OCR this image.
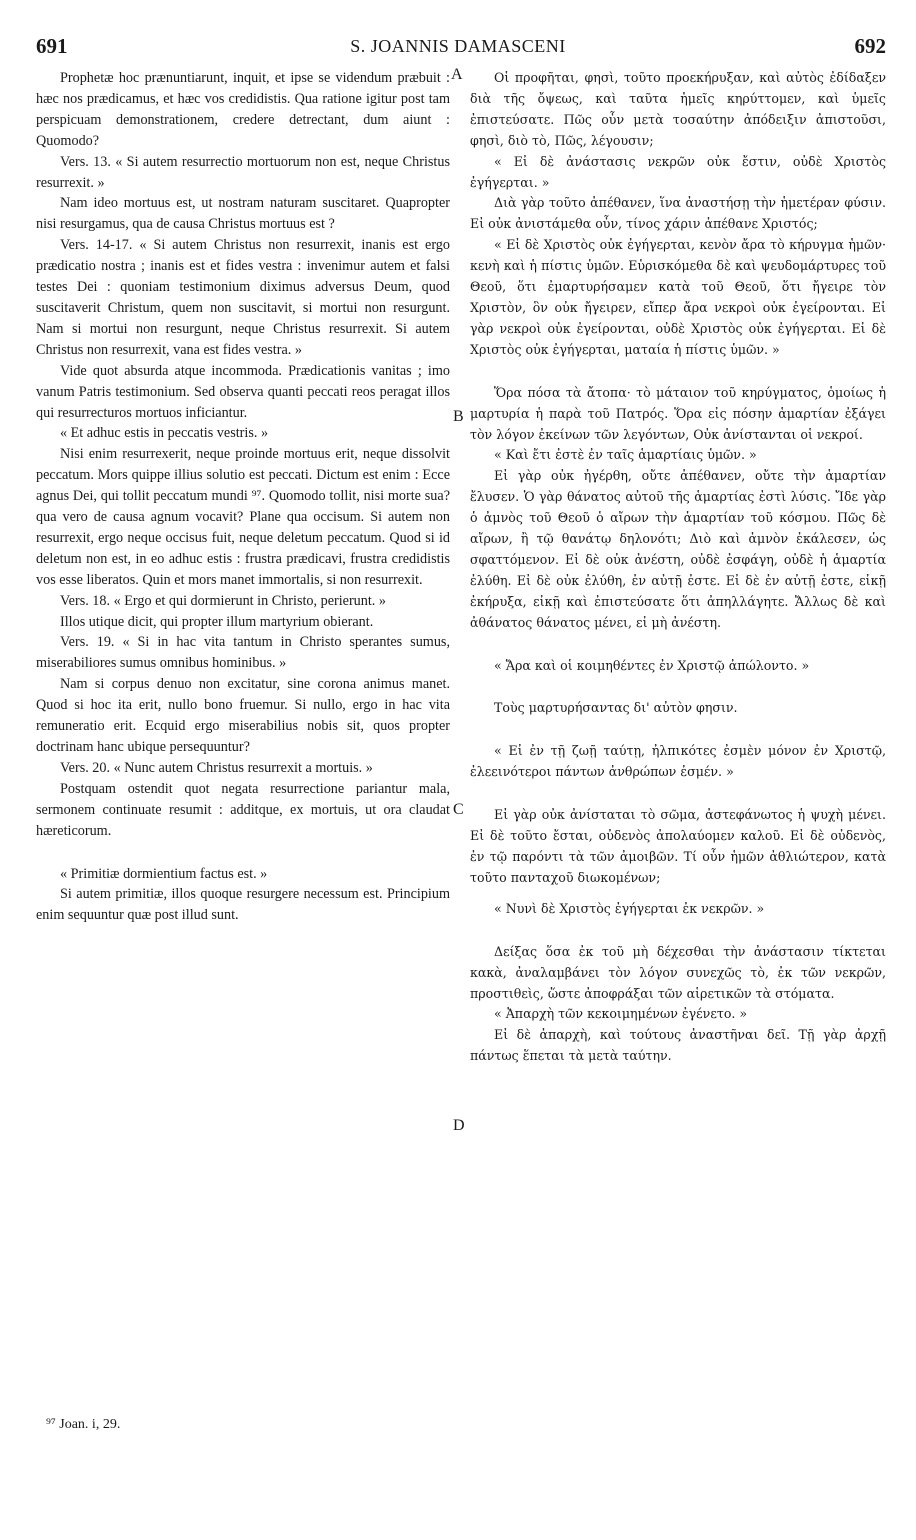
691	S. JOANNIS DAMASCENI	692
A
B
C
D

Prophetæ hoc prænuntiarunt, inquit, et ipse se videndum præbuit : hæc nos prædicamus, et hæc vos credidistis. Qua ratione igitur post tam perspicuam demonstrationem, credere detrectant, dum aiunt : Quomodo?

Vers. 13. « Si autem resurrectio mortuorum non est, neque Christus resurrexit. »

Nam ideo mortuus est, ut nostram naturam suscitaret. Quapropter nisi resurgamus, qua de causa Christus mortuus est ?

Vers. 14-17. « Si autem Christus non resurrexit, inanis est ergo prædicatio nostra ; inanis est et fides vestra : invenimur autem et falsi testes Dei : quoniam testimonium diximus adversus Deum, quod suscitaverit Christum, quem non suscitavit, si mortui non resurgunt. Nam si mortui non resurgunt, neque Christus resurrexit. Si autem Christus non resurrexit, vana est fides vestra. »

Vide quot absurda atque incommoda. Prædicationis vanitas ; imo vanum Patris testimonium. Sed observa quanti peccati reos peragat illos qui resurrecturos mortuos inficiantur.

« Et adhuc estis in peccatis vestris. »

Nisi enim resurrexerit, neque proinde mortuus erit, neque dissolvit peccatum. Mors quippe illius solutio est peccati. Dictum est enim : Ecce agnus Dei, qui tollit peccatum mundi ⁹⁷. Quomodo tollit, nisi morte sua? qua vero de causa agnum vocavit? Plane qua occisum. Si autem non resurrexit, ergo neque occisus fuit, neque deletum peccatum. Quod si id deletum non est, in eo adhuc estis : frustra prædicavi, frustra credidistis vos esse liberatos. Quin et mors manet immortalis, si non resurrexit.

Vers. 18. « Ergo et qui dormierunt in Christo, perierunt. »

Illos utique dicit, qui propter illum martyrium obierant.

Vers. 19. « Si in hac vita tantum in Christo sperantes sumus, miserabiliores sumus omnibus hominibus. »

Nam si corpus denuo non excitatur, sine corona animus manet. Quod si hoc ita erit, nullo bono fruemur. Si nullo, ergo in hac vita remuneratio erit. Ecquid ergo miserabilius nobis sit, quos propter doctrinam hanc ubique persequuntur?

Vers. 20. « Nunc autem Christus resurrexit a mortuis. »

Postquam ostendit quot negata resurrectione pariantur mala, sermonem continuate resumit : additque, ex mortuis, ut ora claudat hæreticorum.

« Primitiæ dormientium factus est. »

Si autem primitiæ, illos quoque resurgere necessum est. Principium enim sequuntur quæ post illud sunt.

Οἱ προφῆται, φησὶ, τοῦτο προεκήρυξαν, καὶ αὐτὸς ἐδίδαξεν διὰ τῆς ὄψεως, καὶ ταῦτα ἡμεῖς κηρύττομεν, καὶ ὑμεῖς ἐπιστεύσατε. Πῶς οὖν μετὰ τοσαύτην ἀπόδειξιν ἀπιστοῦσι, φησὶ, διὸ τὸ, Πῶς, λέγουσιν;

« Εἰ δὲ ἀνάστασις νεκρῶν οὐκ ἔστιν, οὐδὲ Χριστὸς ἐγήγερται. »

Διὰ γὰρ τοῦτο ἀπέθανεν, ἵνα ἀναστήσῃ τὴν ἡμετέραν φύσιν. Εἰ οὐκ ἀνιστάμεθα οὖν, τίνος χάριν ἀπέθανε Χριστός;

« Εἰ δὲ Χριστὸς οὐκ ἐγήγερται, κενὸν ἄρα τὸ κήρυγμα ἡμῶν· κενὴ καὶ ἡ πίστις ὑμῶν. Εὑρισκόμεθα δὲ καὶ ψευδομάρτυρες τοῦ Θεοῦ, ὅτι ἐμαρτυρήσαμεν κατὰ τοῦ Θεοῦ, ὅτι ἤγειρε τὸν Χριστὸν, ὃν οὐκ ἤγειρεν, εἴπερ ἄρα νεκροὶ οὐκ ἐγείρονται. Εἰ γὰρ νεκροὶ οὐκ ἐγείρονται, οὐδὲ Χριστὸς οὐκ ἐγήγερται. Εἰ δὲ Χριστὸς οὐκ ἐγήγερται, ματαία ἡ πίστις ὑμῶν. »

Ὅρα πόσα τὰ ἄτοπα· τὸ μάταιον τοῦ κηρύγματος, ὁμοίως ἡ μαρτυρία ἡ παρὰ τοῦ Πατρός. Ὅρα εἰς πόσην ἁμαρτίαν ἐξάγει τὸν λόγον ἐκείνων τῶν λεγόντων, Οὐκ ἀνίστανται οἱ νεκροί.

« Καὶ ἔτι ἐστὲ ἐν ταῖς ἁμαρτίαις ὑμῶν. »

Εἰ γὰρ οὐκ ἠγέρθη, οὔτε ἀπέθανεν, οὔτε τὴν ἁμαρτίαν ἔλυσεν. Ὁ γὰρ θάνατος αὐτοῦ τῆς ἁμαρτίας ἐστὶ λύσις. Ἴδε γὰρ ὁ ἀμνὸς τοῦ Θεοῦ ὁ αἴρων τὴν ἁμαρτίαν τοῦ κόσμου. Πῶς δὲ αἴρων, ἢ τῷ θανάτῳ δηλονότι; Διὸ καὶ ἀμνὸν ἐκάλεσεν, ὡς σφαττόμενον. Εἰ δὲ οὐκ ἀνέστη, οὐδὲ ἐσφάγη, οὐδὲ ἡ ἁμαρτία ἐλύθη. Εἰ δὲ οὐκ ἐλύθη, ἐν αὐτῇ ἐστε. Εἰ δὲ ἐν αὐτῇ ἐστε, εἰκῇ ἐκήρυξα, εἰκῇ καὶ ἐπιστεύσατε ὅτι ἀπηλλάγητε. Ἄλλως δὲ καὶ ἀθάνατος θάνατος μένει, εἰ μὴ ἀνέστη.

« Ἄρα καὶ οἱ κοιμηθέντες ἐν Χριστῷ ἀπώλοντο. »

Τοὺς μαρτυρήσαντας δι' αὐτὸν φησιν.

« Εἰ ἐν τῇ ζωῇ ταύτῃ, ἠλπικότες ἐσμὲν μόνον ἐν Χριστῷ, ἐλεεινότεροι πάντων ἀνθρώπων ἐσμέν. »

Εἰ γὰρ οὐκ ἀνίσταται τὸ σῶμα, ἀστεφάνωτος ἡ ψυχὴ μένει. Εἰ δὲ τοῦτο ἔσται, οὐδενὸς ἀπολαύομεν καλοῦ. Εἰ δὲ οὐδενὸς, ἐν τῷ παρόντι τὰ τῶν ἀμοιβῶν. Τί οὖν ἡμῶν ἀθλιώτερον, κατὰ τοῦτο πανταχοῦ διωκομένων;

« Νυνὶ δὲ Χριστὸς ἐγήγερται ἐκ νεκρῶν. »

Δείξας ὅσα ἐκ τοῦ μὴ δέχεσθαι τὴν ἀνάστασιν τίκτεται κακὰ, ἀναλαμβάνει τὸν λόγον συνεχῶς τὸ, ἐκ τῶν νεκρῶν, προστιθεὶς, ὥστε ἀποφράξαι τῶν αἱρετικῶν τὰ στόματα.

« Ἀπαρχὴ τῶν κεκοιμημένων ἐγένετο. »

Εἰ δὲ ἀπαρχὴ, καὶ τούτους ἀναστῆναι δεῖ. Τῇ γὰρ ἀρχῇ πάντως ἕπεται τὰ μετὰ ταύτην.

⁹⁷ Joan. i, 29.
